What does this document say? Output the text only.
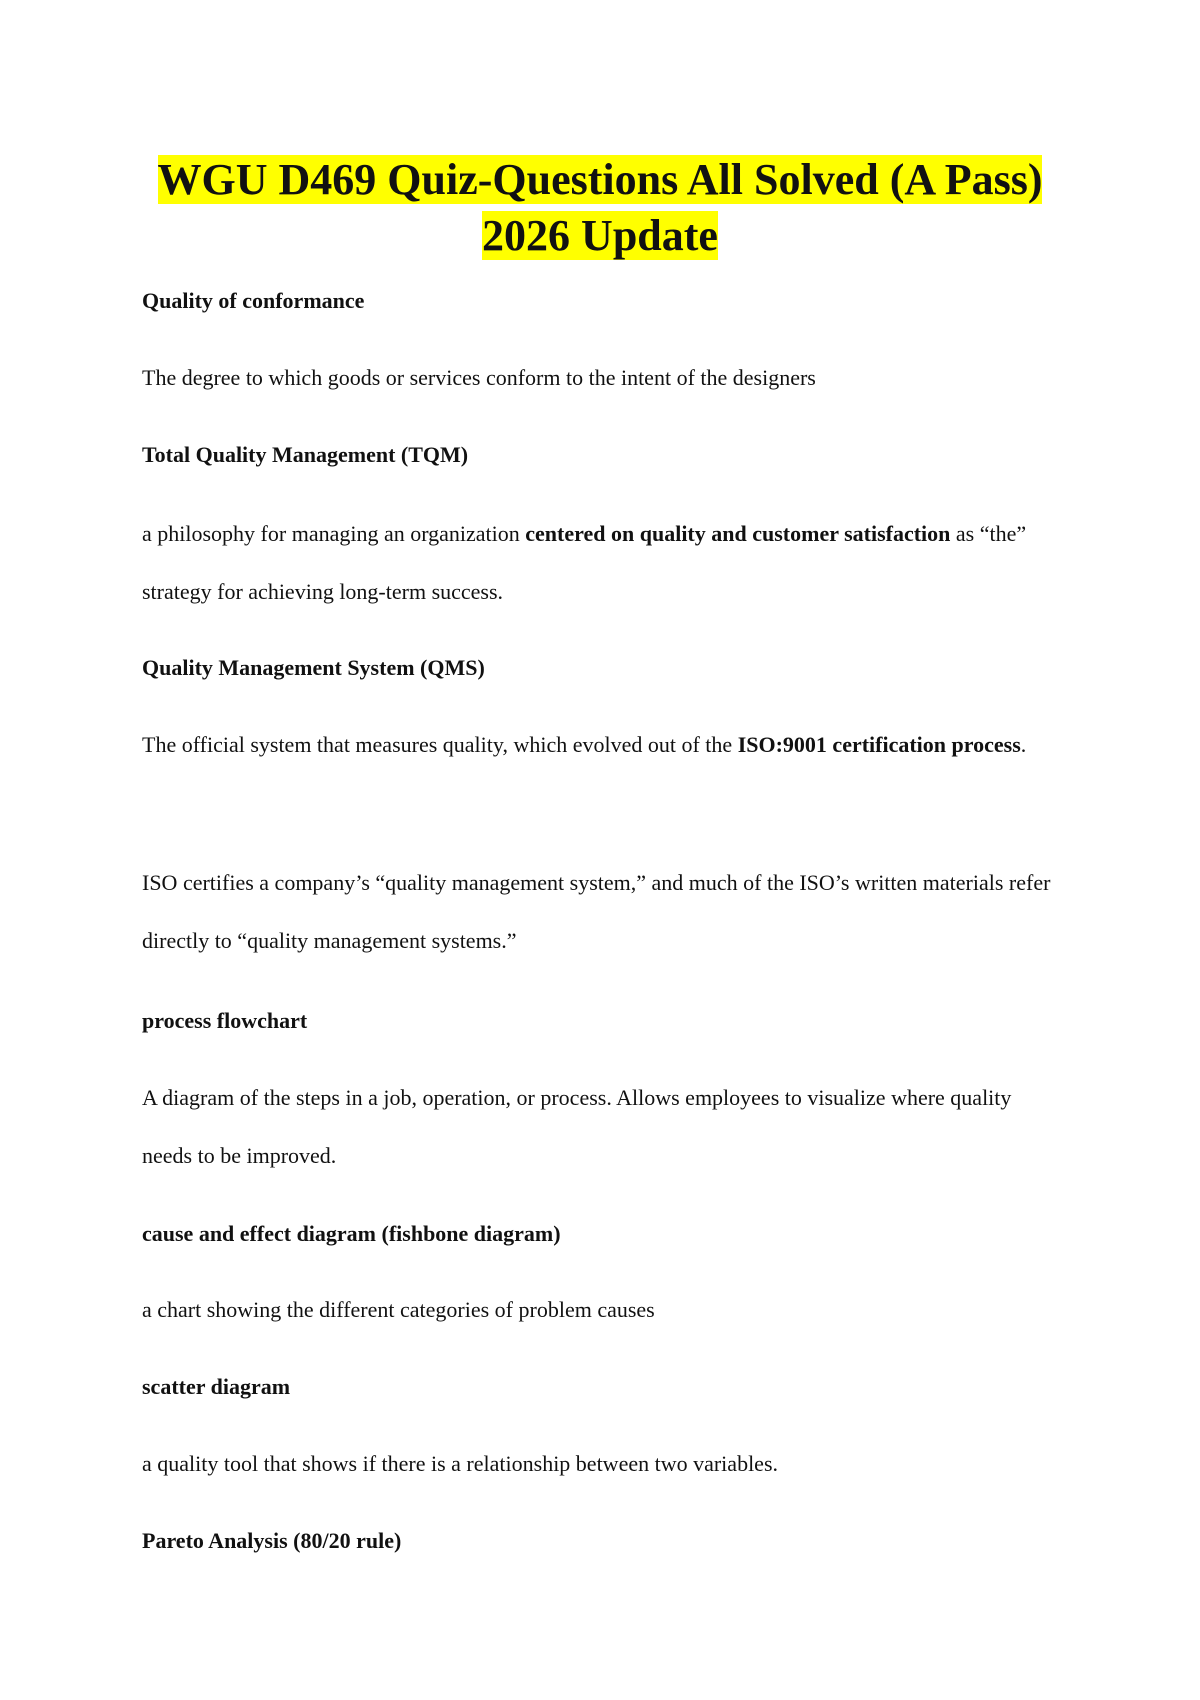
WGU D469 Quiz-Questions All Solved (A Pass)
2026 Update

Quality of conformance

The degree to which goods or services conform to the intent of the designers

Total Quality Management (TQM)

a philosophy for managing an organization centered on quality and customer satisfaction as “the” strategy for achieving long-term success.

Quality Management System (QMS)

The official system that measures quality, which evolved out of the ISO:9001 certification process.

ISO certifies a company’s “quality management system,” and much of the ISO’s written materials refer directly to “quality management systems.”

process flowchart

A diagram of the steps in a job, operation, or process. Allows employees to visualize where quality needs to be improved.

cause and effect diagram (fishbone diagram)

a chart showing the different categories of problem causes

scatter diagram

a quality tool that shows if there is a relationship between two variables.

Pareto Analysis (80/20 rule)
